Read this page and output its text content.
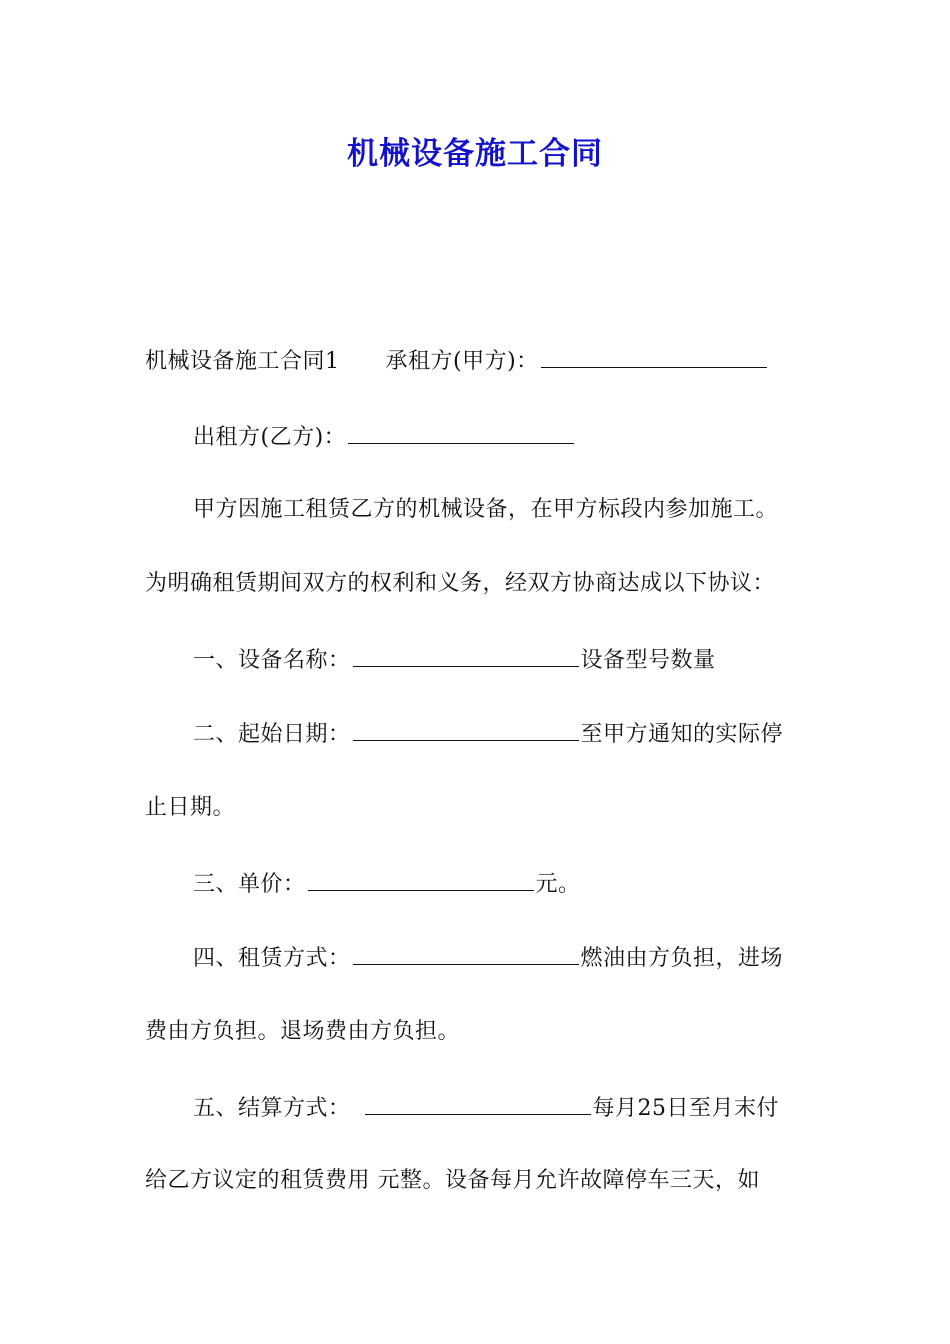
机械设备施工合同
机械设备施工合同1 承租方(甲方)：
出租方(乙方)：
甲方因施工租赁乙方的机械设备，在甲方标段内参加施工。
为明确租赁期间双方的权利和义务，经双方协商达成以下协议：
一、设备名称：	设备型号数量
二、起始日期：	至甲方通知的实际停
止日期。
三、单价：	元。
四、租赁方式：	燃油由方负担，进场
费由方负担。退场费由方负担。
五、结算方式：	每月25日至月末付
给乙方议定的租赁费用 元整。设备每月允许故障停车三天，如
